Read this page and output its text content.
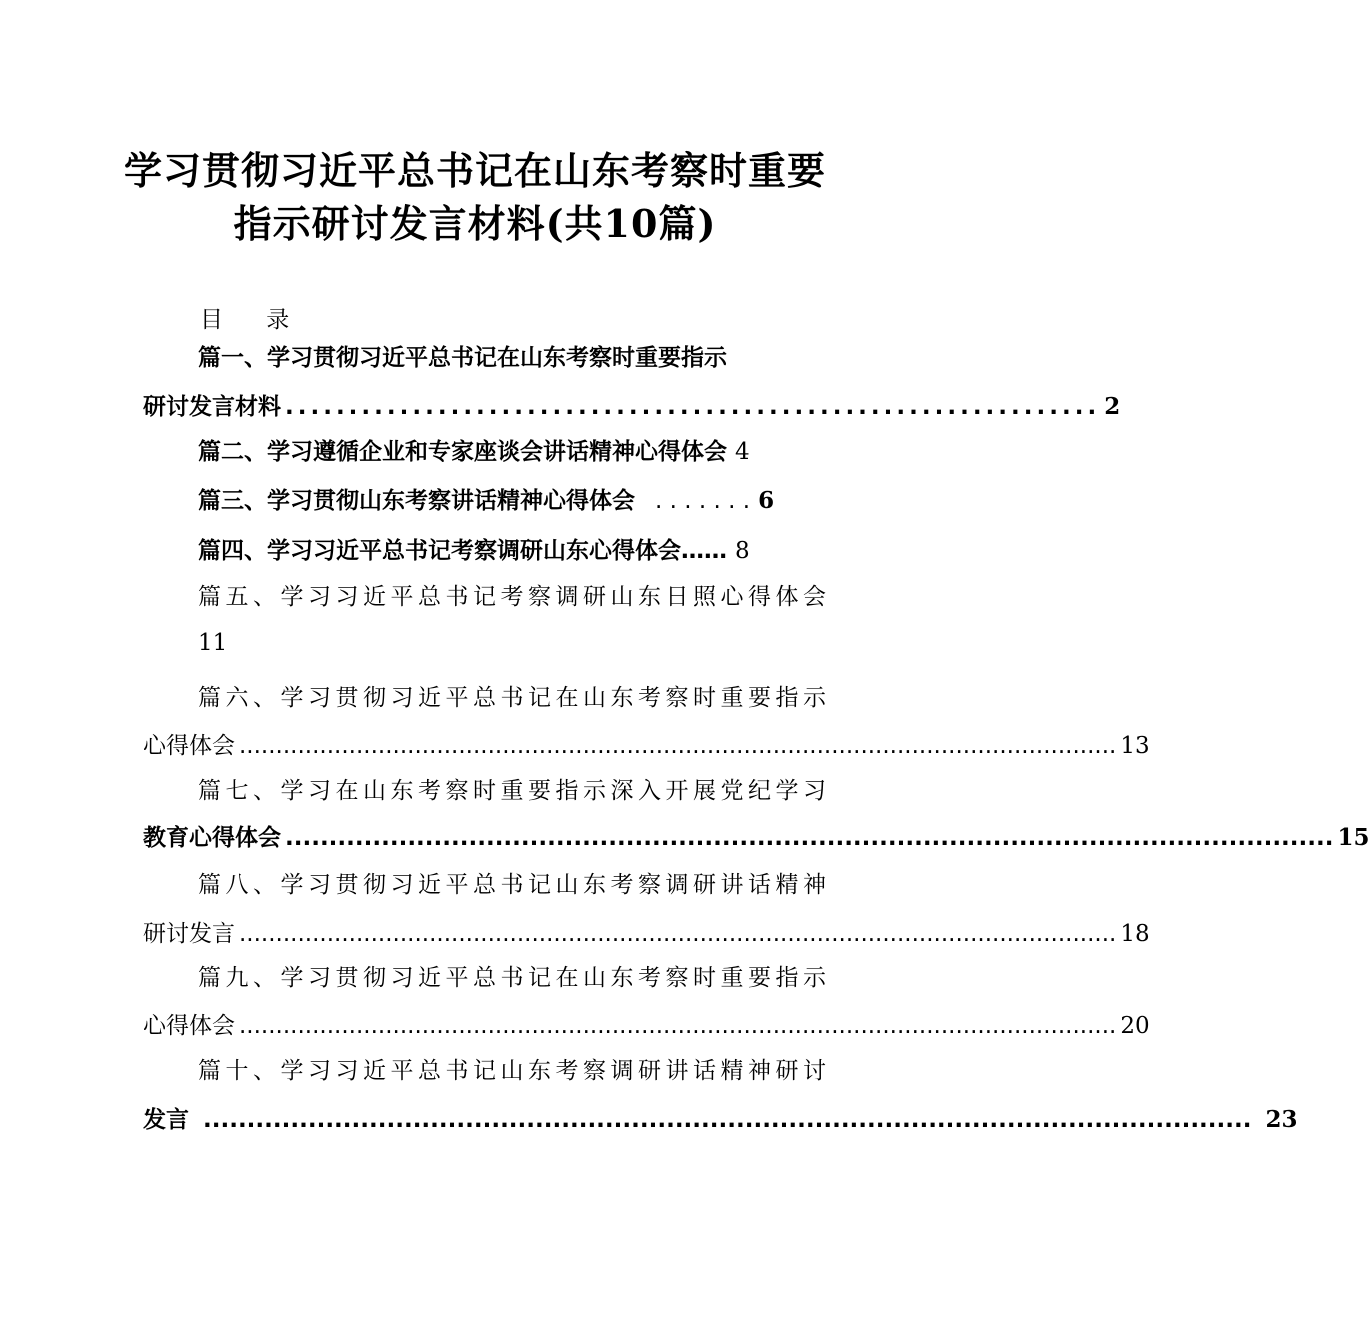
学习贯彻习近平总书记在山东考察时重要
指示研讨发言材料(共10篇)
目 录
篇一、学习贯彻习近平总书记在山东考察时重要指示
研讨发言材料 ................................................................ 2
篇二、学习遵循企业和专家座谈会讲话精神心得体会 4
篇三、学习贯彻山东考察讲话精神心得体会 . . . . . . . 6
篇四、学习习近平总书记考察调研山东心得体会…… 8
篇五、学习习近平总书记考察调研山东日照心得体会
11
篇六、学习贯彻习近平总书记在山东考察时重要指示
心得体会 ........................................................................................................................ 13
篇七、学习在山东考察时重要指示深入开展党纪学习
教育心得体会 ........................................................................................................................ 15
篇八、学习贯彻习近平总书记山东考察调研讲话精神
研讨发言 ........................................................................................................................ 18
篇九、学习贯彻习近平总书记在山东考察时重要指示
心得体会 ........................................................................................................................ 20
篇十、学习习近平总书记山东考察调研讲话精神研讨
发言 ........................................................................................................................ 23
